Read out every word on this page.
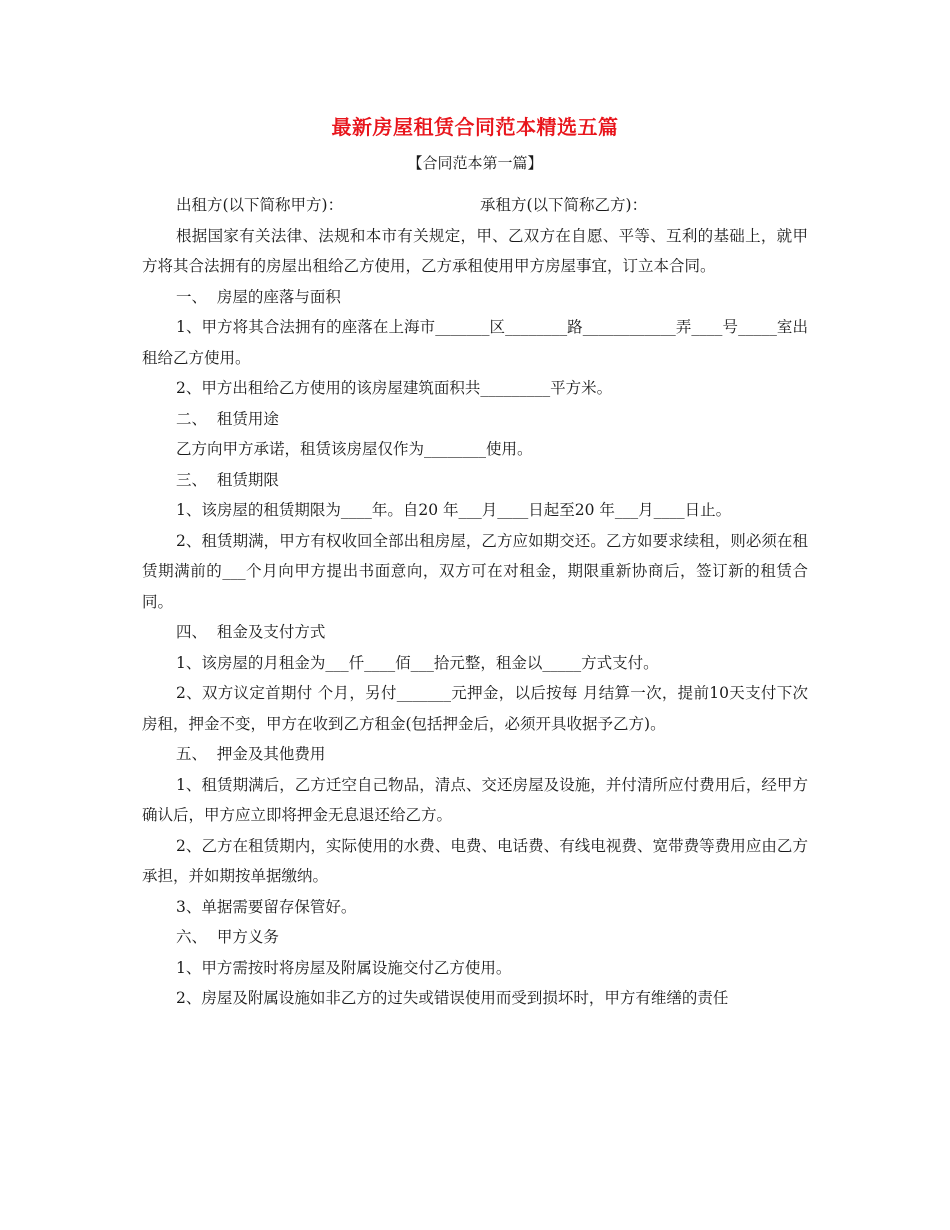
最新房屋租赁合同范本精选五篇
【合同范本第一篇】
出租方(以下简称甲方)：	承租方(以下简称乙方)：

根据国家有关法律、法规和本市有关规定，甲、乙双方在自愿、平等、互利的基础上，就甲方将其合法拥有的房屋出租给乙方使用，乙方承租使用甲方房屋事宜，订立本合同。

一、  房屋的座落与面积

1、甲方将其合法拥有的座落在上海市_______区________路____________弄____号_____室出租给乙方使用。

2、甲方出租给乙方使用的该房屋建筑面积共_________平方米。

二、  租赁用途

乙方向甲方承诺，租赁该房屋仅作为________使用。

三、  租赁期限

1、该房屋的租赁期限为____年。自20 年___月____日起至20 年___月____日止。

2、租赁期满，甲方有权收回全部出租房屋，乙方应如期交还。乙方如要求续租，则必须在租赁期满前的___个月向甲方提出书面意向，双方可在对租金，期限重新协商后，签订新的租赁合同。

四、  租金及支付方式

1、该房屋的月租金为___仟____佰___拾元整，租金以_____方式支付。

2、双方议定首期付 个月，另付_______元押金，以后按每 月结算一次，提前10天支付下次房租，押金不变，甲方在收到乙方租金(包括押金后，必须开具收据予乙方)。

五、  押金及其他费用

1、租赁期满后，乙方迁空自己物品，清点、交还房屋及设施，并付清所应付费用后，经甲方确认后，甲方应立即将押金无息退还给乙方。

2、乙方在租赁期内，实际使用的水费、电费、电话费、有线电视费、宽带费等费用应由乙方承担，并如期按单据缴纳。

3、单据需要留存保管好。

六、  甲方义务

1、甲方需按时将房屋及附属设施交付乙方使用。

2、房屋及附属设施如非乙方的过失或错误使用而受到损坏时，甲方有维缮的责任
